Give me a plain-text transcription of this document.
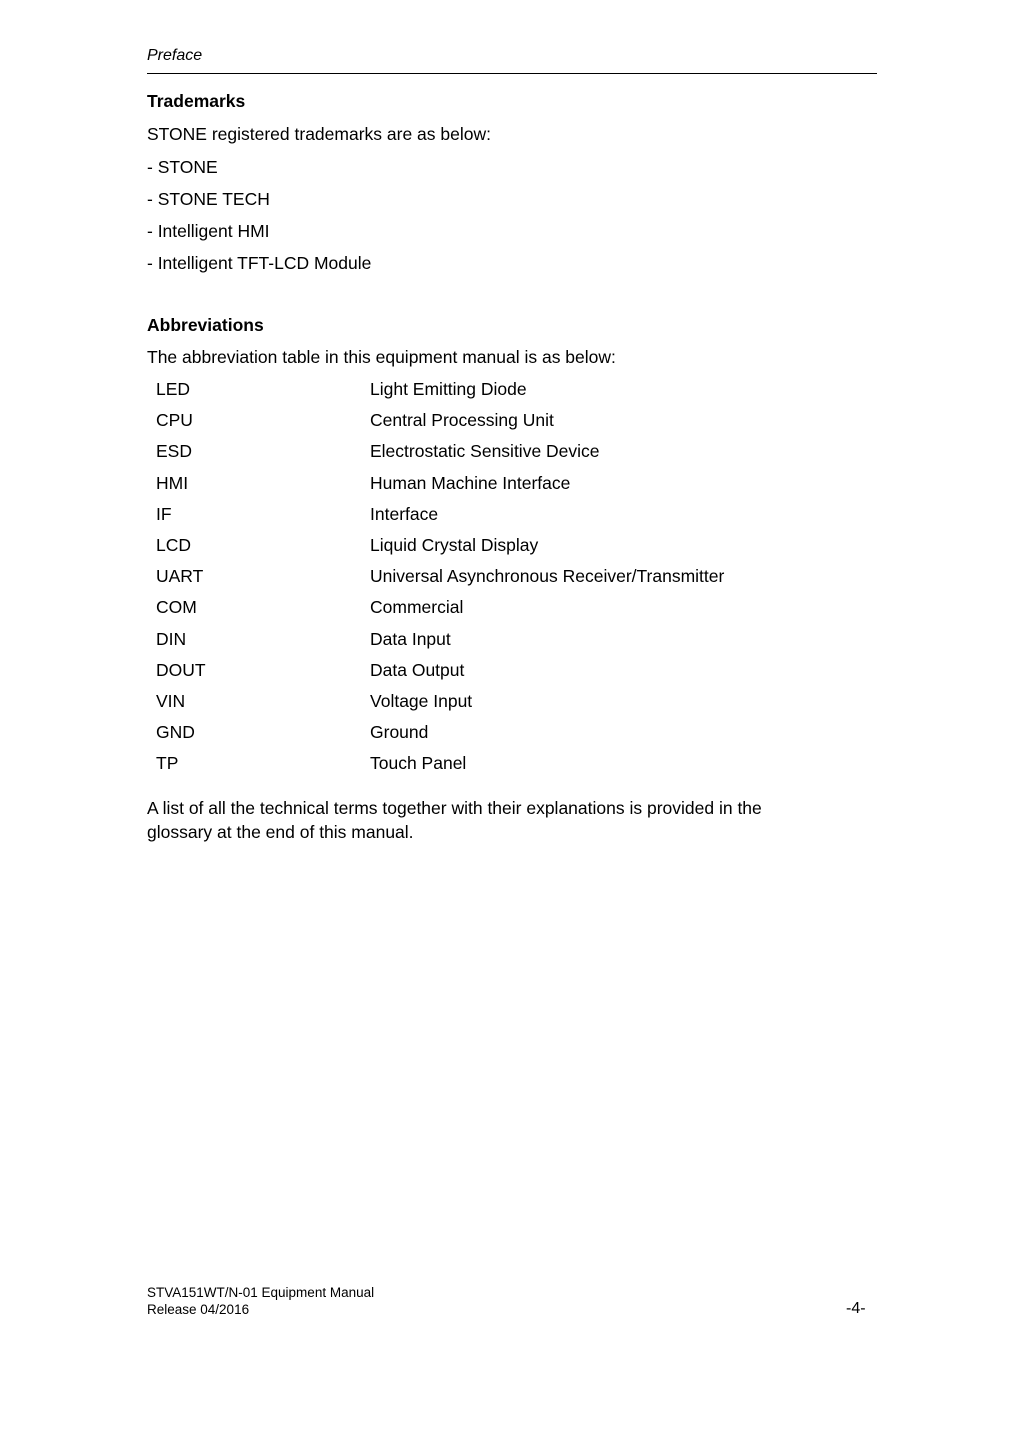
Preface
Trademarks

STONE registered trademarks are as below:

- STONE
- STONE TECH
- Intelligent HMI
- Intelligent TFT-LCD Module
Abbreviations

The abbreviation table in this equipment manual is as below:

LED	Light Emitting Diode
CPU	Central Processing Unit
ESD	Electrostatic Sensitive Device
HMI	Human Machine Interface
IF	Interface
LCD	Liquid Crystal Display
UART	Universal Asynchronous Receiver/Transmitter
COM	Commercial
DIN	Data Input
DOUT	Data Output
VIN	Voltage Input
GND	Ground
TP	Touch Panel

A list of all the technical terms together with their explanations is provided in the glossary at the end of this manual.

STVA151WT/N-01 Equipment Manual
Release 04/2016	-4-
